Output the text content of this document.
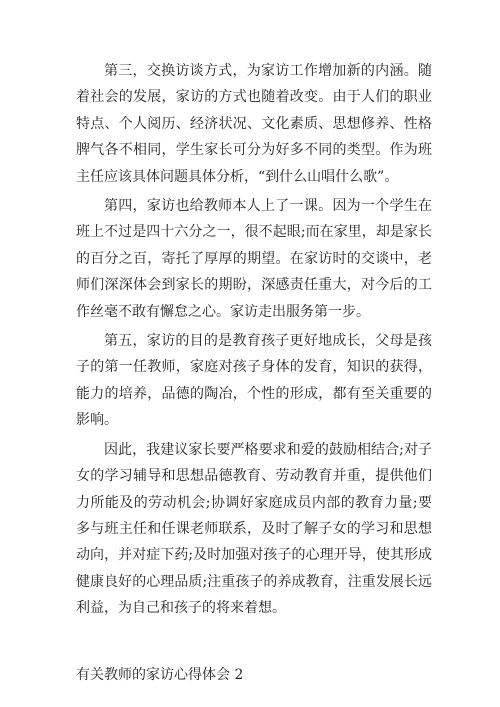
第三，交换访谈方式，为家访工作增加新的内涵。随着社会的发展，家访的方式也随着改变。由于人们的职业特点、个人阅历、经济状况、文化素质、思想修养、性格脾气各不相同，学生家长可分为好多不同的类型。作为班主任应该具体问题具体分析，“到什么山唱什么歌”。

第四，家访也给教师本人上了一课。因为一个学生在班上不过是四十六分之一，很不起眼;而在家里，却是家长的百分之百，寄托了厚厚的期望。在家访时的交谈中，老师们深深体会到家长的期盼，深感责任重大，对今后的工作丝毫不敢有懈怠之心。家访走出服务第一步。

第五，家访的目的是教育孩子更好地成长，父母是孩子的第一任教师，家庭对孩子身体的发育，知识的获得，能力的培养，品德的陶冶，个性的形成，都有至关重要的影响。

因此，我建议家长要严格要求和爱的鼓励相结合;对子女的学习辅导和思想品德教育、劳动教育并重，提供他们力所能及的劳动机会;协调好家庭成员内部的教育力量;要多与班主任和任课老师联系，及时了解子女的学习和思想动向，并对症下药;及时加强对孩子的心理开导，使其形成健康良好的心理品质;注重孩子的养成教育，注重发展长远利益，为自己和孩子的将来着想。

有关教师的家访心得体会 2
